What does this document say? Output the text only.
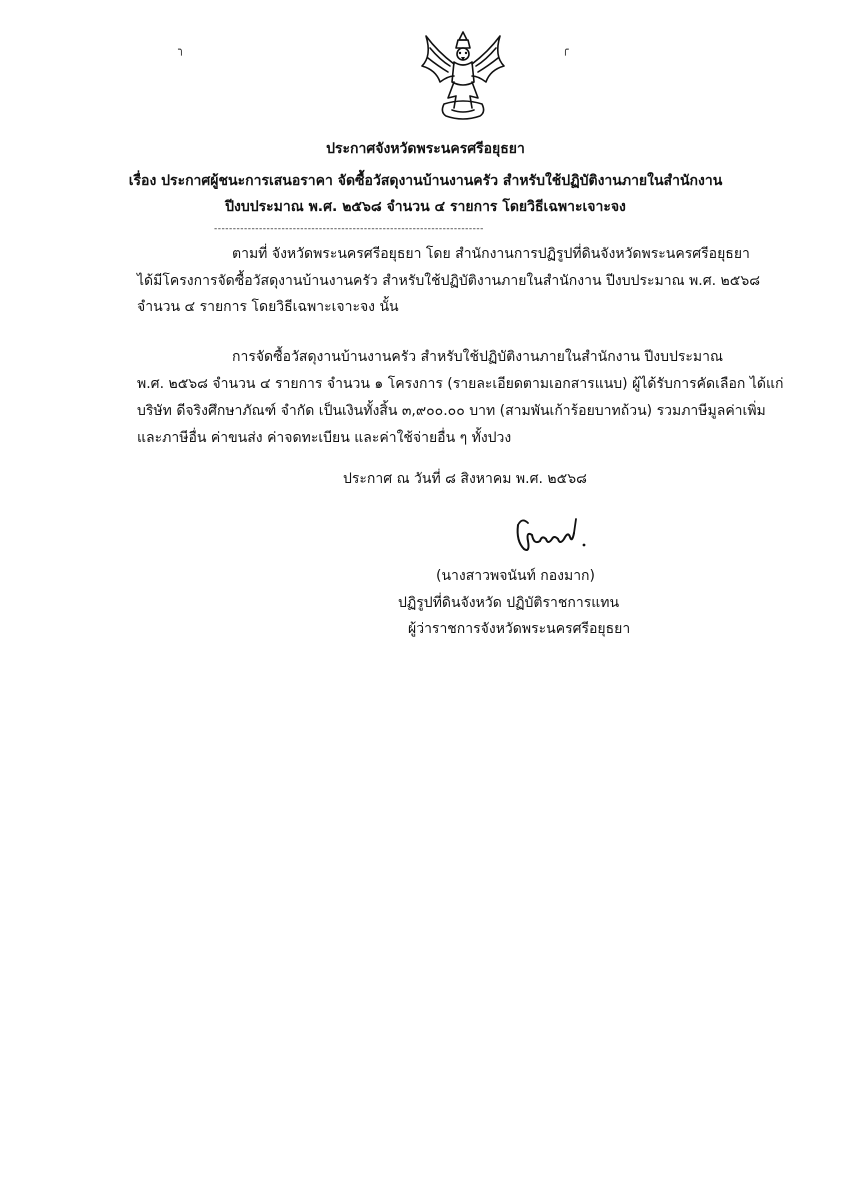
╮	╭
ประกาศจังหวัดพระนครศรีอยุธยา
เรื่อง ประกาศผู้ชนะการเสนอราคา จัดซื้อวัสดุงานบ้านงานครัว สำหรับใช้ปฏิบัติงานภายในสำนักงาน
ปีงบประมาณ พ.ศ. ๒๕๖๘ จำนวน ๔ รายการ โดยวิธีเฉพาะเจาะจง
------------------------------------------------------------------------
ตามที่ จังหวัดพระนครศรีอยุธยา โดย สำนักงานการปฏิรูปที่ดินจังหวัดพระนครศรีอยุธยา
ได้มีโครงการจัดซื้อวัสดุงานบ้านงานครัว สำหรับใช้ปฏิบัติงานภายในสำนักงาน ปีงบประมาณ พ.ศ. ๒๕๖๘
จำนวน ๔ รายการ โดยวิธีเฉพาะเจาะจง นั้น
การจัดซื้อวัสดุงานบ้านงานครัว สำหรับใช้ปฏิบัติงานภายในสำนักงาน ปีงบประมาณ
พ.ศ. ๒๕๖๘ จำนวน ๔ รายการ จำนวน ๑ โครงการ (รายละเอียดตามเอกสารแนบ) ผู้ได้รับการคัดเลือก ได้แก่
บริษัท ดีจริงศึกษาภัณฑ์ จำกัด เป็นเงินทั้งสิ้น ๓,๙๐๐.๐๐ บาท (สามพันเก้าร้อยบาทถ้วน) รวมภาษีมูลค่าเพิ่ม
และภาษีอื่น ค่าขนส่ง ค่าจดทะเบียน และค่าใช้จ่ายอื่น ๆ ทั้งปวง
ประกาศ ณ วันที่ ๘ สิงหาคม พ.ศ. ๒๕๖๘
(นางสาวพจนันท์ กองมาก)
ปฏิรูปที่ดินจังหวัด ปฏิบัติราชการแทน
ผู้ว่าราชการจังหวัดพระนครศรีอยุธยา
